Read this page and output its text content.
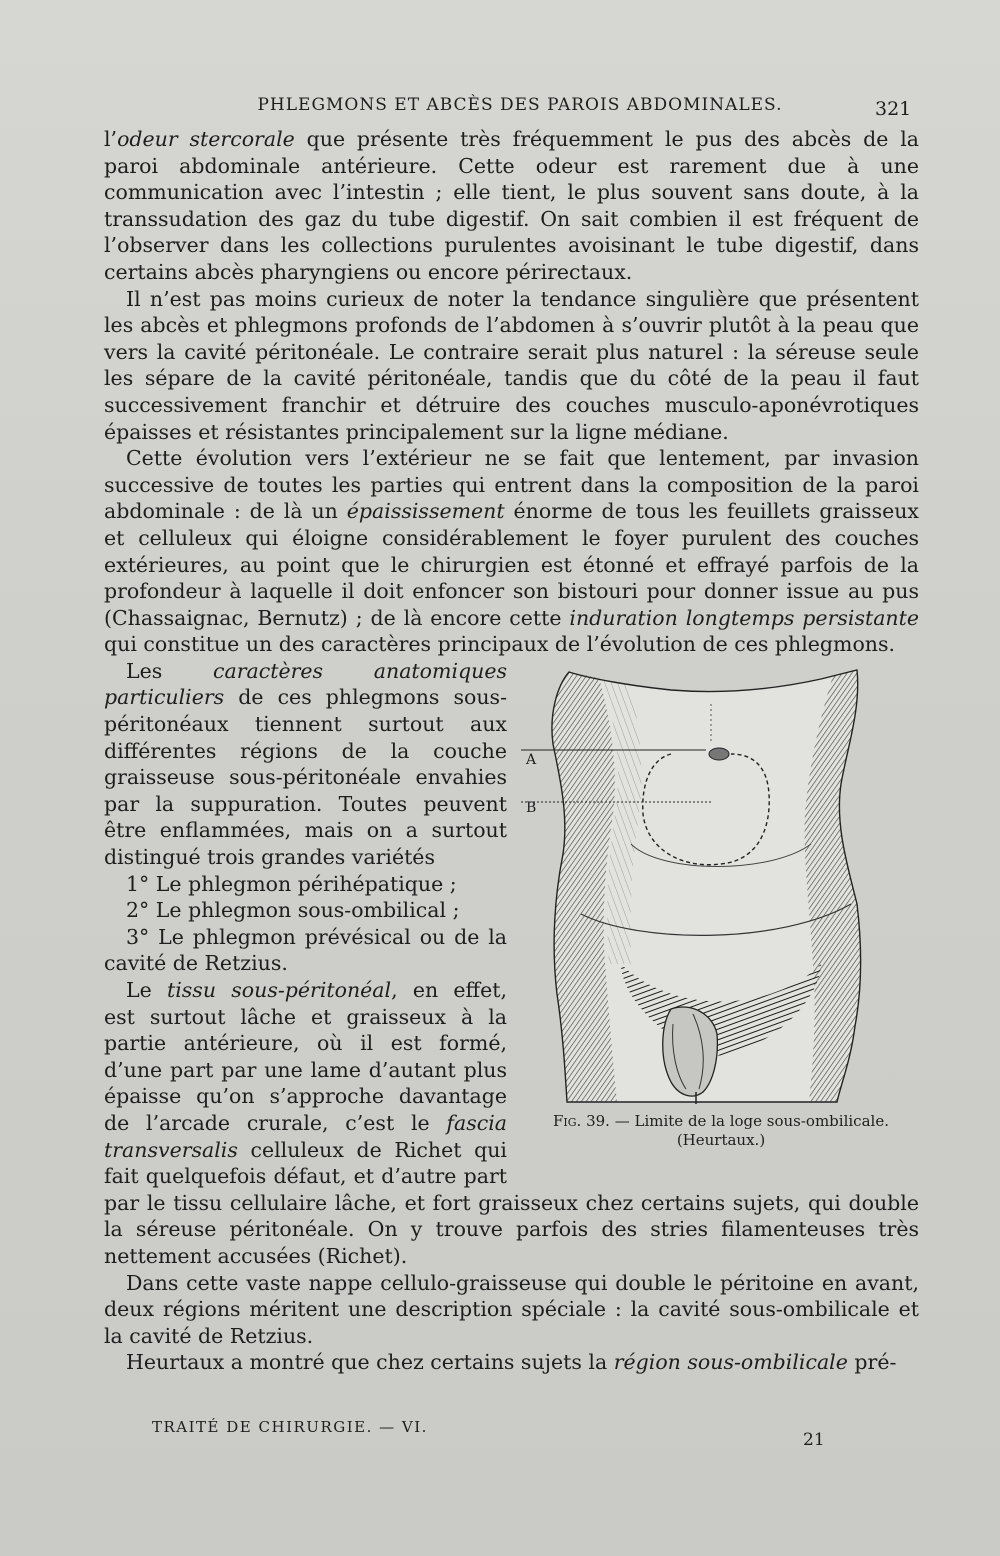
PHLEGMONS ET ABCÈS DES PAROIS ABDOMINALES.	321

l’odeur stercorale que présente très fréquemment le pus des abcès de la paroi abdominale antérieure. Cette odeur est rarement due à une communication avec l’intestin ; elle tient, le plus souvent sans doute, à la transsudation des gaz du tube digestif. On sait combien il est fréquent de l’observer dans les collections purulentes avoisinant le tube digestif, dans certains abcès pharyngiens ou encore périrectaux.

Il n’est pas moins curieux de noter la tendance singulière que présentent les abcès et phlegmons profonds de l’abdomen à s’ouvrir plutôt à la peau que vers la cavité péritonéale. Le contraire serait plus naturel : la séreuse seule les sépare de la cavité péritonéale, tandis que du côté de la peau il faut successivement franchir et détruire des couches musculo-aponévrotiques épaisses et résistantes principalement sur la ligne médiane.

Cette évolution vers l’extérieur ne se fait que lentement, par invasion successive de toutes les parties qui entrent dans la composition de la paroi abdominale : de là un épaississement énorme de tous les feuillets graisseux et celluleux qui éloigne considérablement le foyer purulent des couches extérieures, au point que le chirurgien est étonné et effrayé parfois de la profondeur à laquelle il doit enfoncer son bistouri pour donner issue au pus (Chassaignac, Bernutz) ; de là encore cette induration longtemps persistante qui constitue un des caractères principaux de l’évolution de ces phlegmons.

Fig. 39. — Limite de la loge sous-ombilicale.
(Heurtaux.)

Les caractères anatomiques particuliers de ces phlegmons sous-péritonéaux tiennent surtout aux différentes régions de la couche graisseuse sous-péritonéale envahies par la suppuration. Toutes peuvent être enflammées, mais on a surtout distingué trois grandes variétés

1° Le phlegmon périhépatique ;

2° Le phlegmon sous-ombilical ;

3° Le phlegmon prévésical ou de la cavité de Retzius.

Le tissu sous-péritonéal, en effet, est surtout lâche et graisseux à la partie antérieure, où il est formé, d’une part par une lame d’autant plus épaisse qu’on s’approche davantage de l’arcade crurale, c’est le fascia transversalis celluleux de Richet qui fait quelquefois défaut, et d’autre part par le tissu cellulaire lâche, et fort graisseux chez certains sujets, qui double la séreuse péritonéale. On y trouve parfois des stries filamenteuses très nettement accusées (Richet).

Dans cette vaste nappe cellulo-graisseuse qui double le péritoine en avant, deux régions méritent une description spéciale : la cavité sous-ombilicale et la cavité de Retzius.

Heurtaux a montré que chez certains sujets la région sous-ombilicale pré-

A
B
TRAITÉ DE CHIRURGIE. — VI.
21
